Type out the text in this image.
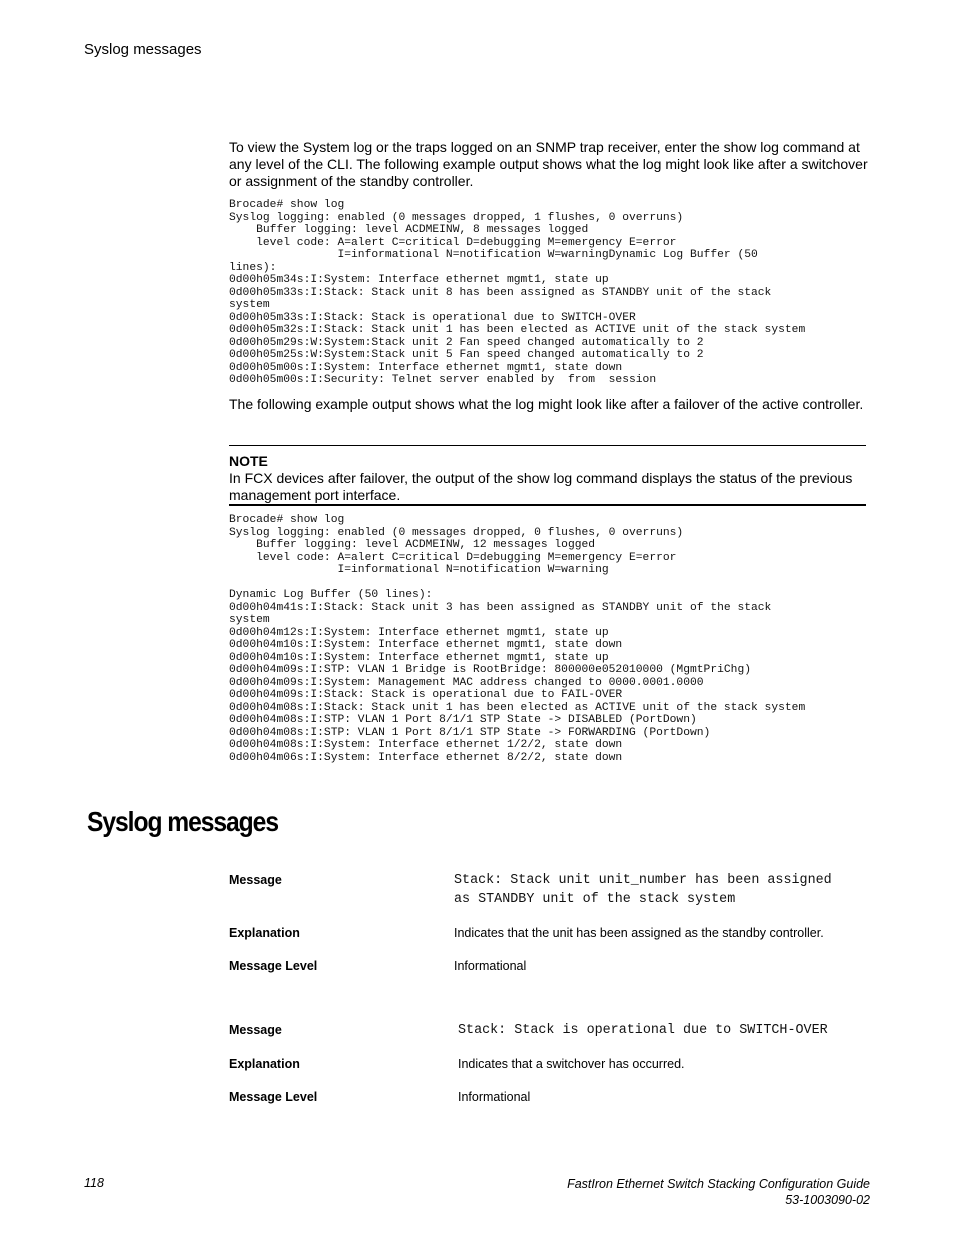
Syslog messages

To view the System log or the traps logged on an SNMP trap receiver, enter the show log command at any level of the CLI. The following example output shows what the log might look like after a switchover or assignment of the standby controller.

Brocade# show log
Syslog logging: enabled (0 messages dropped, 1 flushes, 0 overruns)
Buffer logging: level ACDMEINW, 8 messages logged
level code: A=alert C=critical D=debugging M=emergency E=error
I=informational N=notification W=warningDynamic Log Buffer (50
lines):
0d00h05m34s:I:System: Interface ethernet mgmt1, state up
0d00h05m33s:I:Stack: Stack unit 8 has been assigned as STANDBY unit of the stack
system
0d00h05m33s:I:Stack: Stack is operational due to SWITCH-OVER
0d00h05m32s:I:Stack: Stack unit 1 has been elected as ACTIVE unit of the stack system
0d00h05m29s:W:System:Stack unit 2 Fan speed changed automatically to 2
0d00h05m25s:W:System:Stack unit 5 Fan speed changed automatically to 2
0d00h05m00s:I:System: Interface ethernet mgmt1, state down
0d00h05m00s:I:Security: Telnet server enabled by  from  session

The following example output shows what the log might look like after a failover of the active controller.

NOTE

In FCX devices after failover, the output of the show log command displays the status of the previous management port interface.

Brocade# show log
Syslog logging: enabled (0 messages dropped, 0 flushes, 0 overruns)
Buffer logging: level ACDMEINW, 12 messages logged
level code: A=alert C=critical D=debugging M=emergency E=error
I=informational N=notification W=warning

Dynamic Log Buffer (50 lines):
0d00h04m41s:I:Stack: Stack unit 3 has been assigned as STANDBY unit of the stack
system
0d00h04m12s:I:System: Interface ethernet mgmt1, state up
0d00h04m10s:I:System: Interface ethernet mgmt1, state down
0d00h04m10s:I:System: Interface ethernet mgmt1, state up
0d00h04m09s:I:STP: VLAN 1 Bridge is RootBridge: 800000e052010000 (MgmtPriChg)
0d00h04m09s:I:System: Management MAC address changed to 0000.0001.0000
0d00h04m09s:I:Stack: Stack is operational due to FAIL-OVER
0d00h04m08s:I:Stack: Stack unit 1 has been elected as ACTIVE unit of the stack system
0d00h04m08s:I:STP: VLAN 1 Port 8/1/1 STP State -> DISABLED (PortDown)
0d00h04m08s:I:STP: VLAN 1 Port 8/1/1 STP State -> FORWARDING (PortDown)
0d00h04m08s:I:System: Interface ethernet 1/2/2, state down
0d00h04m06s:I:System: Interface ethernet 8/2/2, state down
Syslog messages
Message	Stack: Stack unit unit_number has been assigned
as STANDBY unit of the stack system
Explanation	Indicates that the unit has been assigned as the standby controller.
Message Level	Informational
Message	Stack: Stack is operational due to SWITCH-OVER
Explanation	Indicates that a switchover has occurred.
Message Level	Informational
118	FastIron Ethernet Switch Stacking Configuration Guide
53-1003090-02
